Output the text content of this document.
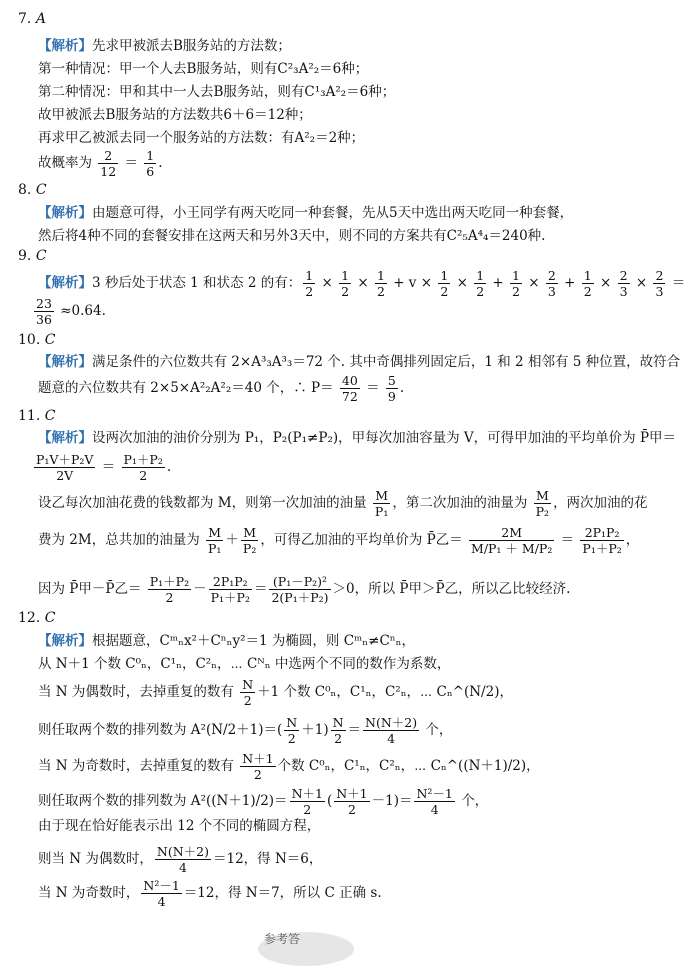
7. A
【解析】先求甲被派去B服务站的方法数；
第一种情况：甲一个人去B服务站，则有C²₃A²₂＝6种；
第二种情况：甲和其中一人去B服务站，则有C¹₃A²₂＝6种；
故甲被派去B服务站的方法数共6＋6＝12种；
再求甲乙被派去同一个服务站的方法数：有A²₂＝2种；
故概率为 $\frac{2}{12} = \frac{1}{6}$ .
8. C
【解析】由题意可得，小王同学有两天吃同一种套餐，先从5天中选出两天吃同一种套餐，
然后将4种不同的套餐安排在这两天和另外3天中，则不同的方案共有C²₅A⁴₄＝240种.
9. C
【解析】3 秒后处于状态 1 和状态 2 的有： $\frac{1}{2} \times \frac{1}{2} \times \frac{1}{2} + v \times \frac{1}{2} \times \frac{1}{2} + \frac{1}{2} \times \frac{2}{3} + \frac{1}{2} \times \frac{2}{3} \times \frac{2}{3}$ ＝
$\frac{23}{36} \approx 0.64$.
10. C
【解析】满足条件的六位数共有 2×A³₃A³₃＝72 个. 其中奇偶排列固定后，1 和 2 相邻有 5 种位置，故符合
题意的六位数共有 2×5×A²₂A²₂＝40 个，∴ $P= \frac{40}{72} = \frac{5}{9}$ .
11. C
【解析】设两次加油的油价分别为 P₁，P₂(P₁≠P₂)，甲每次加油容量为 V，可得甲加油的平均单价为 P̄甲＝
$\frac{\text{P₁V＋P₂V}}{2V} = \frac{\text{P₁＋P₂}}{2}$ .
设乙每次加油花费的钱数都为 M，则第一次加油的油量 $\frac{M}{\text{P₁}}$ ，第二次加油的油量为 $\frac{M}{\text{P₂}}$ ，两次加油的花
费为 2M，总共加的油量为 $\frac{M}{\text{P₁}} + \frac{M}{\text{P₂}}$ ，可得乙加油的平均单价为 P̄乙＝ $\frac{2M}{\text{M/P₁ ＋ M/P₂}} = \frac{\text{2P₁P₂}}{\text{P₁＋P₂}}$ ，
因为 P̄甲－P̄乙＝ $\frac{\text{P₁＋P₂}}{2} - \frac{\text{2P₁P₂}}{\text{P₁＋P₂}} = \frac{\text{(P₁－P₂)²}}{\text{2(P₁＋P₂)}} >0$，所以 P̄甲＞P̄乙，所以乙比较经济.
12. C
【解析】根据题意，Cᵐₙx²＋Cⁿₙy²＝1 为椭圆，则 Cᵐₙ≠Cⁿₙ，
从 N＋1 个数 C⁰ₙ，C¹ₙ，C²ₙ，⋯ Cᴺₙ 中选两个不同的数作为系数，
当 N 为偶数时，去掉重复的数有 $\frac{N}{2} +1$ 个数 C⁰ₙ，C¹ₙ，C²ₙ，⋯ Cₙ^(N/2)，
则任取两个数的排列数为 $A^2(N/2+1)=( \frac{N}{2} +1) \frac{N}{2} = \frac{N(N+2)}{4}$ 个，
当 N 为奇数时，去掉重复的数有 $\frac{N+1}{2}$ 个数 C⁰ₙ，C¹ₙ，C²ₙ，⋯ Cₙ^((N＋1)/2)，
则任取两个数的排列数为 $A^2((N+1)/2)= \frac{N+1}{2}$ ( $\frac{N+1}{2} -1)= \frac{\text{N²－1}}{4}$ 个，
由于现在恰好能表示出 12 个不同的椭圆方程，
则当 N 为偶数时， $\frac{N(N+2)}{4} =12$，得 N＝6，
当 N 为奇数时， $\frac{\text{N²－1}}{4} =12$，得 N＝7，所以 C 正确 s.
参考答
